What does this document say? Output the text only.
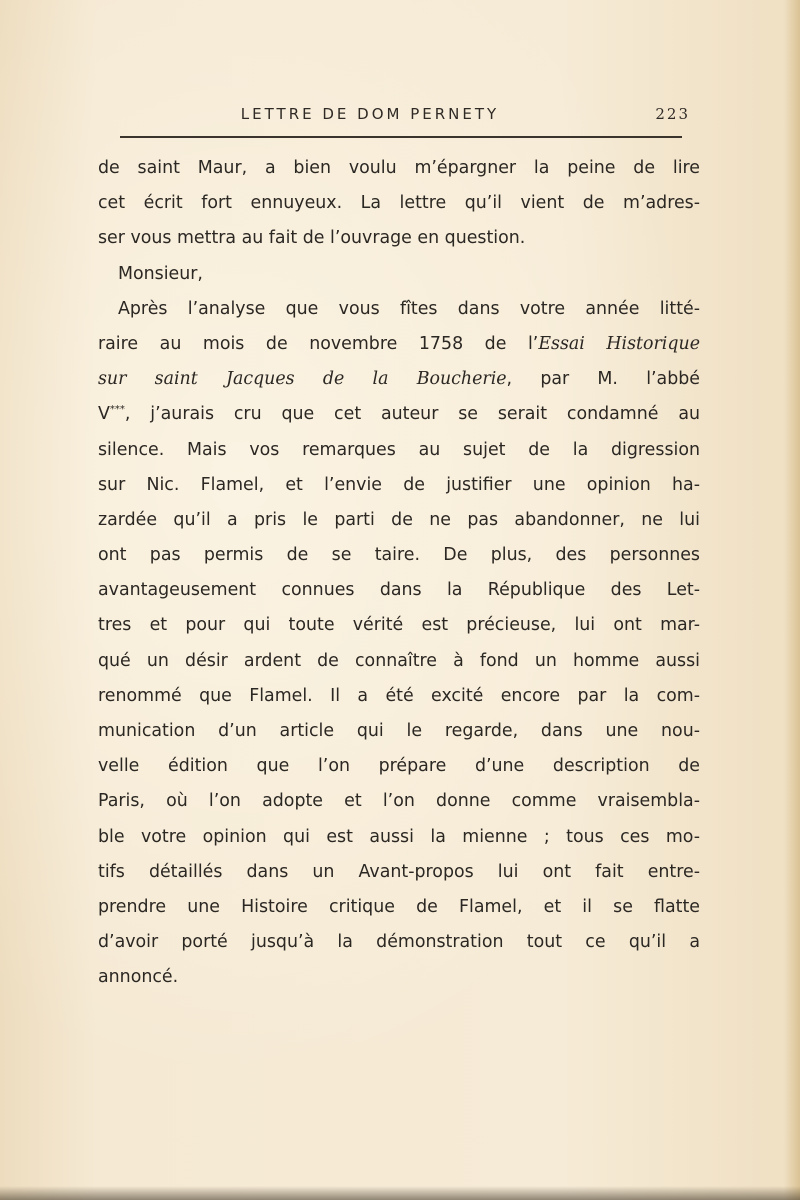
LETTRE DE DOM PERNETY	223
de saint Maur, a bien voulu m’épargner la peine de lire
cet écrit fort ennuyeux. La lettre qu’il vient de m’adres-
ser vous mettra au fait de l’ouvrage en question.
Monsieur,
Après l’analyse que vous fîtes dans votre année litté-
raire au mois de novembre 1758 de l’Essai Historique
sur saint Jacques de la Boucherie, par M. l’abbé
V***, j’aurais cru que cet auteur se serait condamné au
silence. Mais vos remarques au sujet de la digression
sur Nic. Flamel, et l’envie de justifier une opinion ha-
zardée qu’il a pris le parti de ne pas abandonner, ne lui
ont pas permis de se taire. De plus, des personnes
avantageusement connues dans la République des Let-
tres et pour qui toute vérité est précieuse, lui ont mar-
qué un désir ardent de connaître à fond un homme aussi
renommé que Flamel. Il a été excité encore par la com-
munication d’un article qui le regarde, dans une nou-
velle édition que l’on prépare d’une description de
Paris, où l’on adopte et l’on donne comme vraisembla-
ble votre opinion qui est aussi la mienne ; tous ces mo-
tifs détaillés dans un Avant-propos lui ont fait entre-
prendre une Histoire critique de Flamel, et il se flatte
d’avoir porté jusqu’à la démonstration tout ce qu’il a
annoncé.
